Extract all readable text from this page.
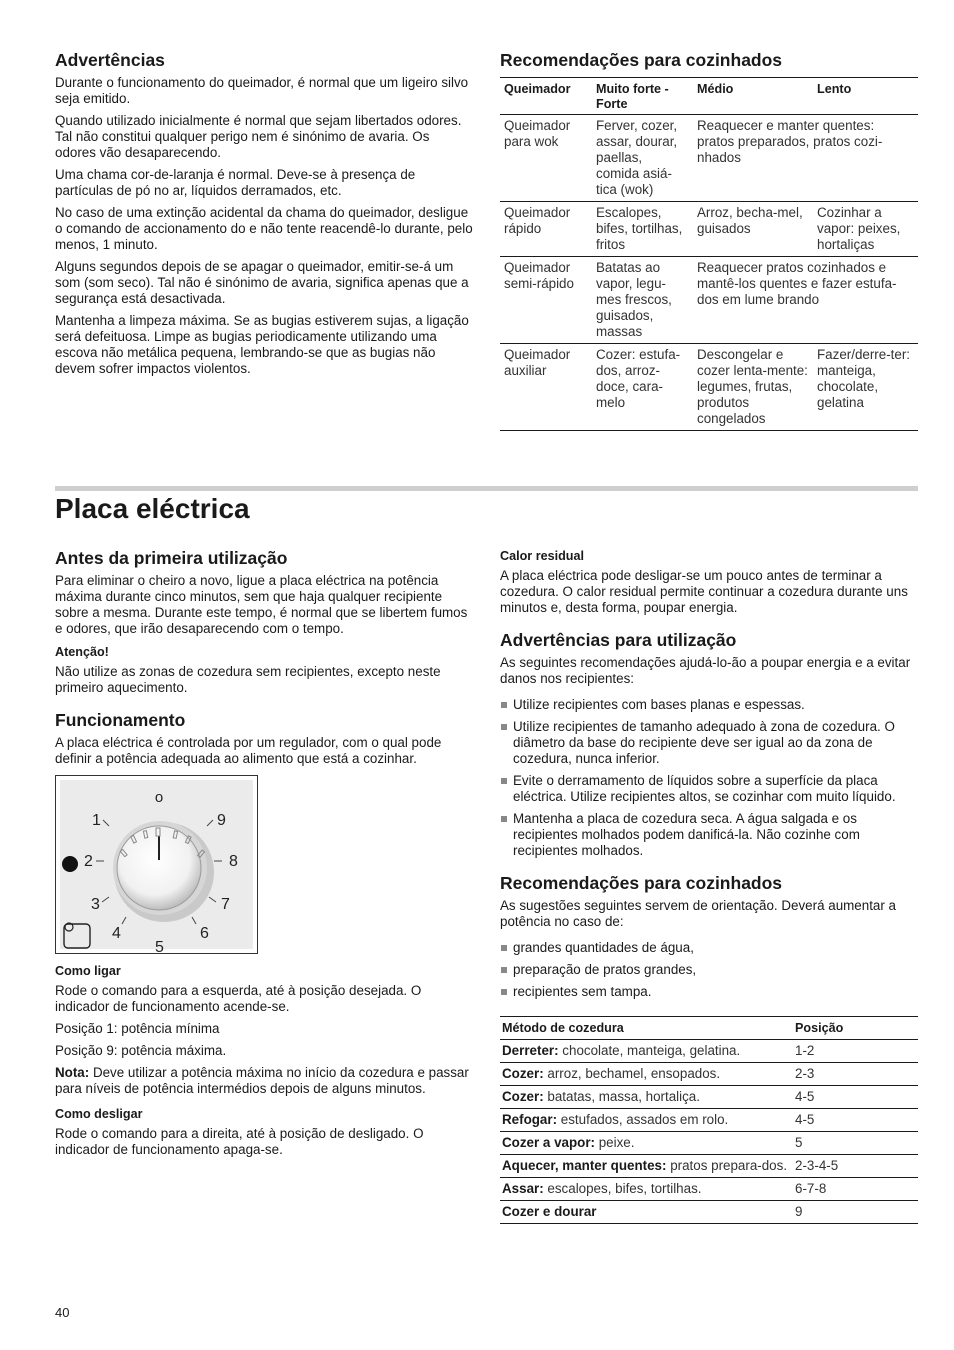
Advertências

Durante o funcionamento do queimador, é normal que um ligeiro silvo seja emitido.

Quando utilizado inicialmente é normal que sejam libertados odores. Tal não constitui qualquer perigo nem é sinónimo de avaria. Os odores vão desaparecendo.

Uma chama cor-de-laranja é normal. Deve-se à presença de partículas de pó no ar, líquidos derramados, etc.

No caso de uma extinção acidental da chama do queimador, desligue o comando de accionamento do e não tente reacendê-lo durante, pelo menos, 1 minuto.

Alguns segundos depois de se apagar o queimador, emitir-se-á um som (som seco). Tal não é sinónimo de avaria, significa apenas que a segurança está desactivada.

Mantenha a limpeza máxima. Se as bugias estiverem sujas, a ligação será defeituosa. Limpe as bugias periodicamente utilizando uma escova não metálica pequena, lembrando-se que as bugias não devem sofrer impactos violentos.

Recomendações para cozinhados
Queimador	Muito forte - Forte	Médio	Lento
Queimador para wok	Ferver, cozer, assar, dourar, paellas, comida asiá-tica (wok)	Reaquecer e manter quentes: pratos preparados, pratos cozi-nhados	
Queimador rápido	Escalopes, bifes, tortilhas, fritos	Arroz, becha-mel, guisados	Cozinhar a vapor: peixes, hortaliças
Queimador semi-rápido	Batatas ao vapor, legu-mes frescos, guisados, massas	Reaquecer pratos cozinhados e mantê-los quentes e fazer estufa-dos em lume brando	
Queimador auxiliar	Cozer: estufa-dos, arroz-doce, cara-melo	Descongelar e cozer lenta-mente: legumes, frutas, produtos congelados	Fazer/derre-ter: manteiga, chocolate, gelatina
Placa eléctrica
Antes da primeira utilização

Para eliminar o cheiro a novo, ligue a placa eléctrica na potência máxima durante cinco minutos, sem que haja qualquer recipiente sobre a mesma. Durante este tempo, é normal que se libertem fumos e odores, que irão desaparecendo com o tempo.

Atenção!

Não utilize as zonas de cozedura sem recipientes, excepto neste primeiro aquecimento.

Funcionamento

A placa eléctrica é controlada por um regulador, com o qual pode definir a potência adequada ao alimento que está a cozinhar.

o
1
2
3
4
5
6
7
8
9
Como ligar

Rode o comando para a esquerda, até à posição desejada. O indicador de funcionamento acende-se.

Posição 1: potência mínima

Posição 9: potência máxima.

Nota: Deve utilizar a potência máxima no início da cozedura e passar para níveis de potência intermédios depois de alguns minutos.

Como desligar

Rode o comando para a direita, até à posição de desligado. O indicador de funcionamento apaga-se.

Calor residual

A placa eléctrica pode desligar-se um pouco antes de terminar a cozedura. O calor residual permite continuar a cozedura durante uns minutos e, desta forma, poupar energia.

Advertências para utilização

As seguintes recomendações ajudá-lo-ão a poupar energia e a evitar danos nos recipientes:

Utilize recipientes com bases planas e espessas.
Utilize recipientes de tamanho adequado à zona de cozedura. O diâmetro da base do recipiente deve ser igual ao da zona de cozedura, nunca inferior.
Evite o derramamento de líquidos sobre a superfície da placa eléctrica. Utilize recipientes altos, se cozinhar com muito líquido.
Mantenha a placa de cozedura seca. A água salgada e os recipientes molhados podem danificá-la. Não cozinhe com recipientes molhados.
Recomendações para cozinhados

As sugestões seguintes servem de orientação. Deverá aumentar a potência no caso de:

grandes quantidades de água,
preparação de pratos grandes,
recipientes sem tampa.
Método de cozedura	Posição
Derreter: chocolate, manteiga, gelatina.	1-2
Cozer: arroz, bechamel, ensopados.	2-3
Cozer: batatas, massa, hortaliça.	4-5
Refogar: estufados, assados em rolo.	4-5
Cozer a vapor: peixe.	5
Aquecer, manter quentes: pratos prepara-dos.	2-3-4-5
Assar: escalopes, bifes, tortilhas.	6-7-8
Cozer e dourar	9
40
